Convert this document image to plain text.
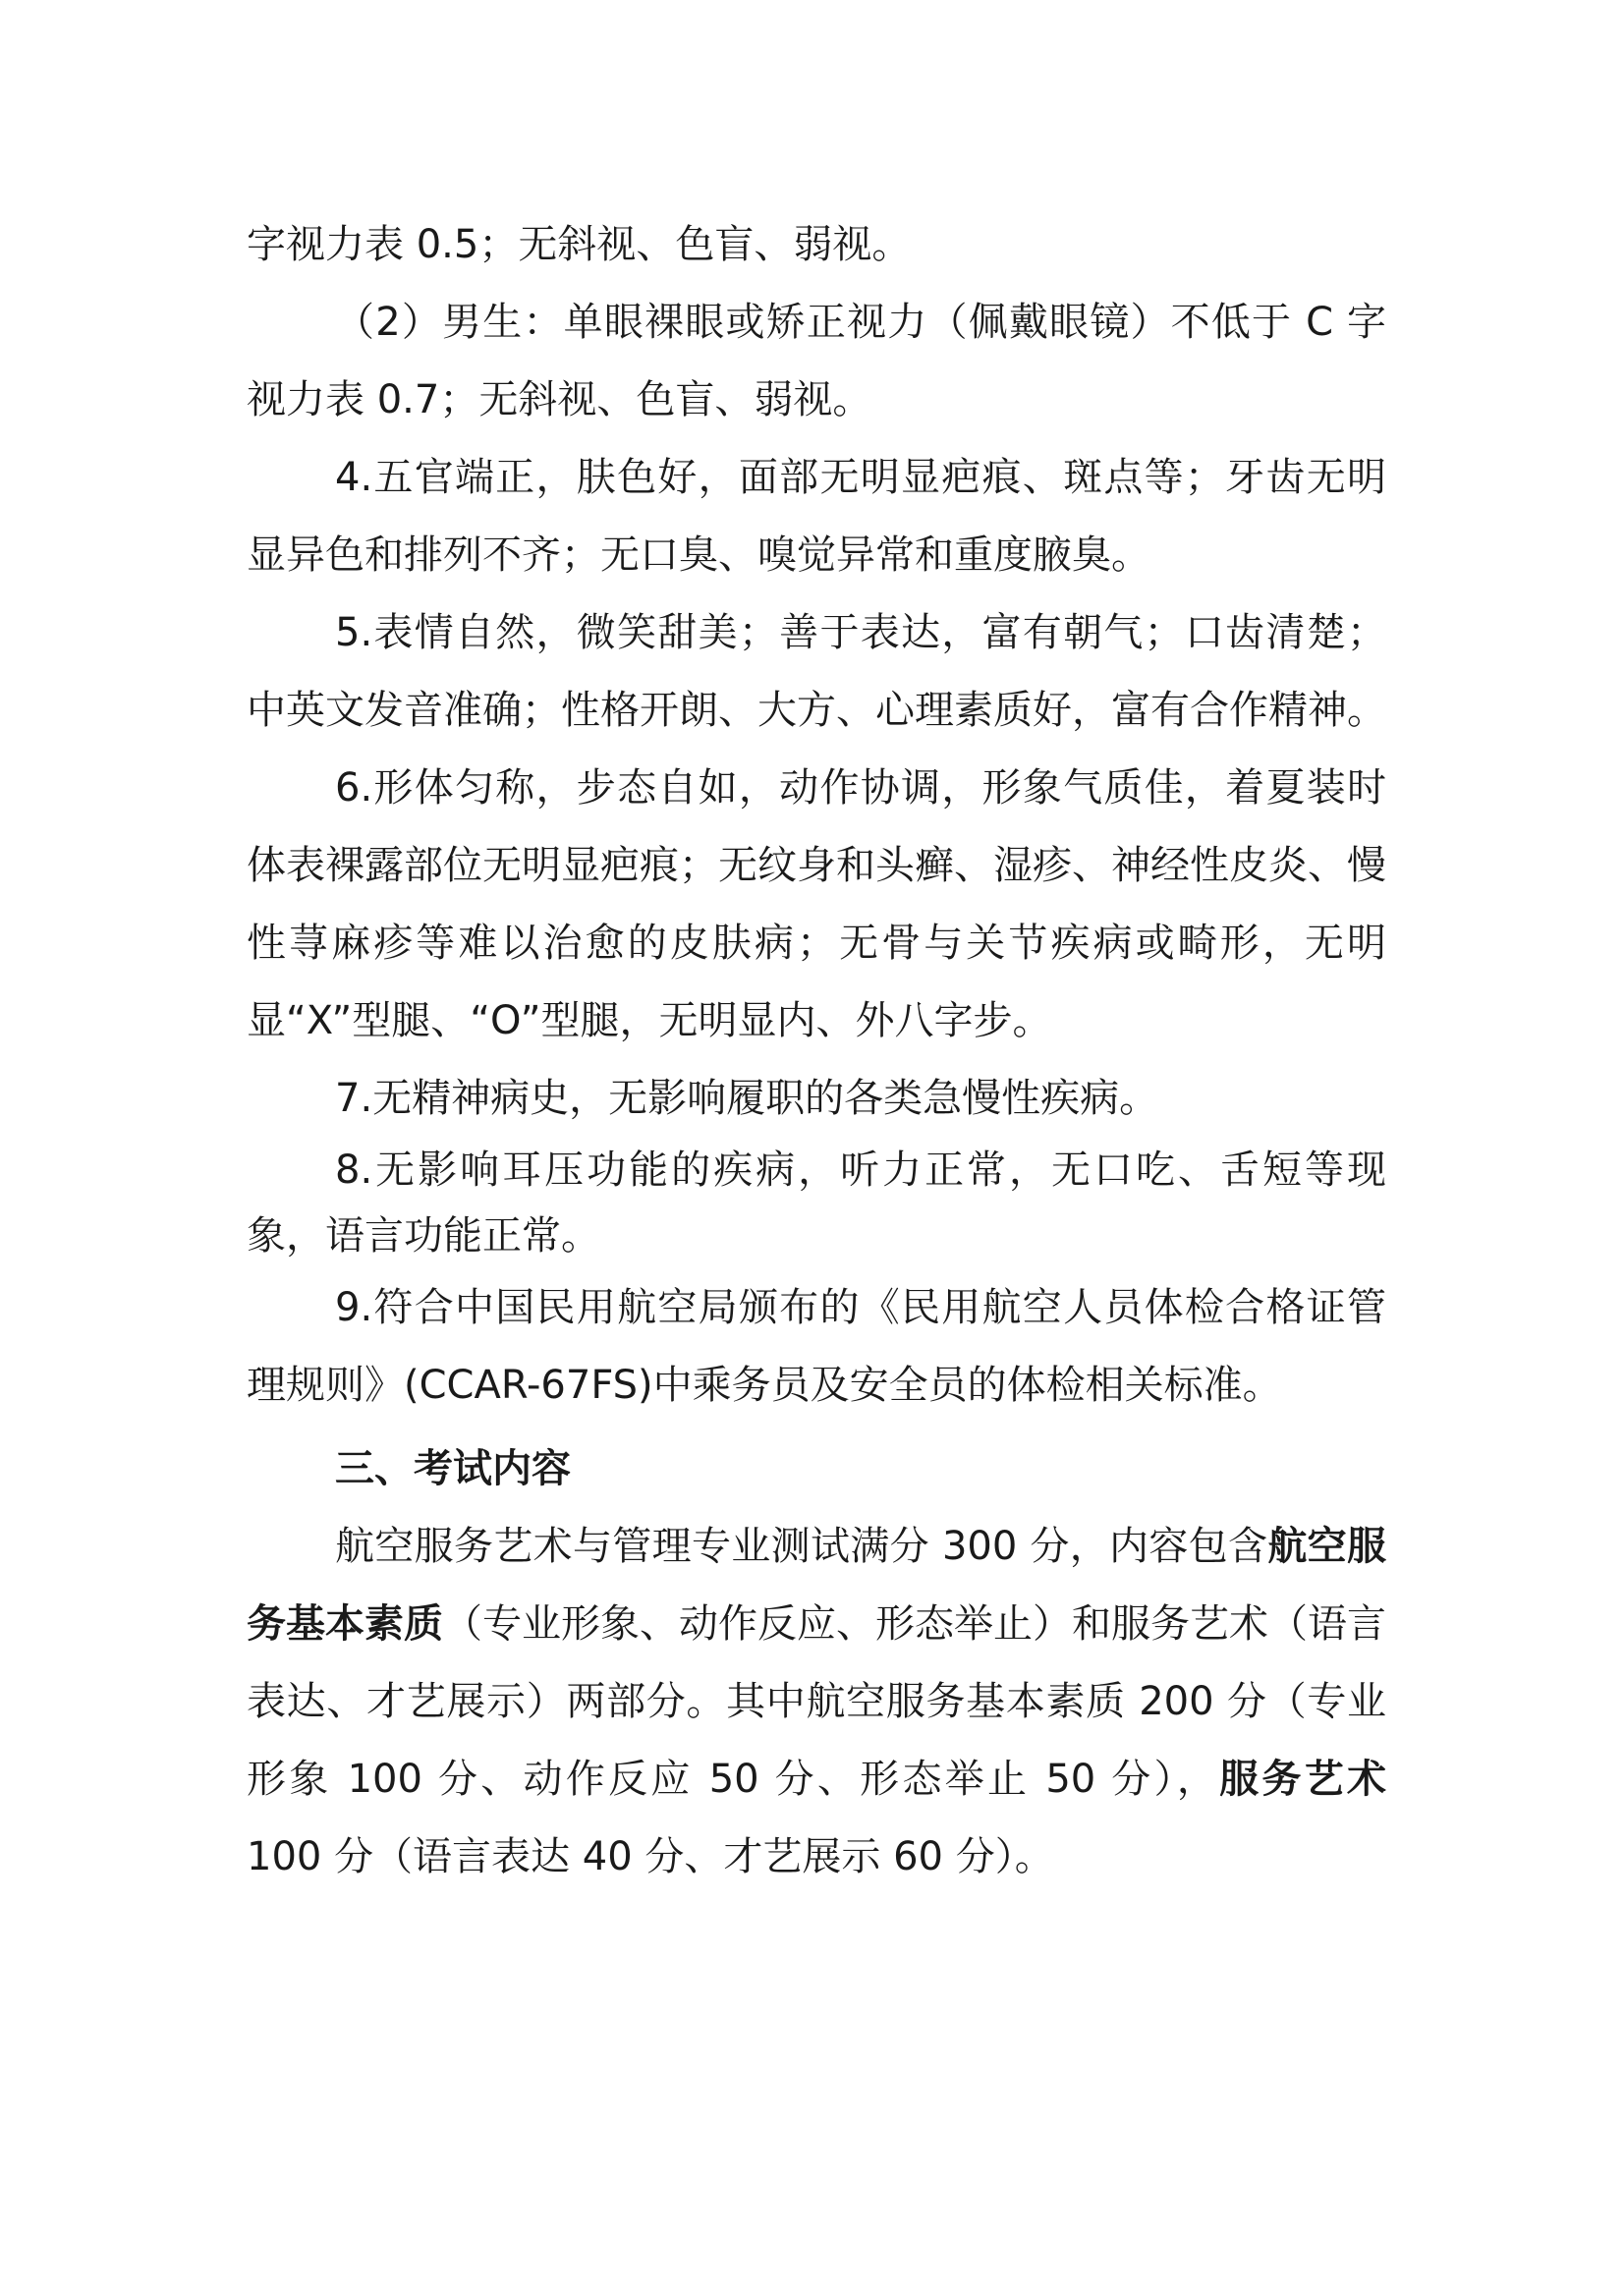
字视力表 0.5；无斜视、色盲、弱视。

（2）男生：单眼裸眼或矫正视力（佩戴眼镜）不低于 C 字视力表 0.7；无斜视、色盲、弱视。

4.五官端正，肤色好，面部无明显疤痕、斑点等；牙齿无明显异色和排列不齐；无口臭、嗅觉异常和重度腋臭。

5.表情自然，微笑甜美；善于表达，富有朝气；口齿清楚；中英文发音准确；性格开朗、大方、心理素质好，富有合作精神。

6.形体匀称，步态自如，动作协调，形象气质佳，着夏装时体表裸露部位无明显疤痕；无纹身和头癣、湿疹、神经性皮炎、慢性荨麻疹等难以治愈的皮肤病；无骨与关节疾病或畸形，无明显“X”型腿、“O”型腿，无明显内、外八字步。

7.无精神病史，无影响履职的各类急慢性疾病。

8.无影响耳压功能的疾病，听力正常，无口吃、舌短等现象，语言功能正常。

9.符合中国民用航空局颁布的《民用航空人员体检合格证管理规则》(CCAR-67FS)中乘务员及安全员的体检相关标准。

三、考试内容

航空服务艺术与管理专业测试满分 300 分，内容包含航空服务基本素质（专业形象、动作反应、形态举止）和服务艺术（语言表达、才艺展示）两部分。其中航空服务基本素质 200 分（专业形象 100 分、动作反应 50 分、形态举止 50 分），服务艺术 100 分（语言表达 40 分、才艺展示 60 分）。
